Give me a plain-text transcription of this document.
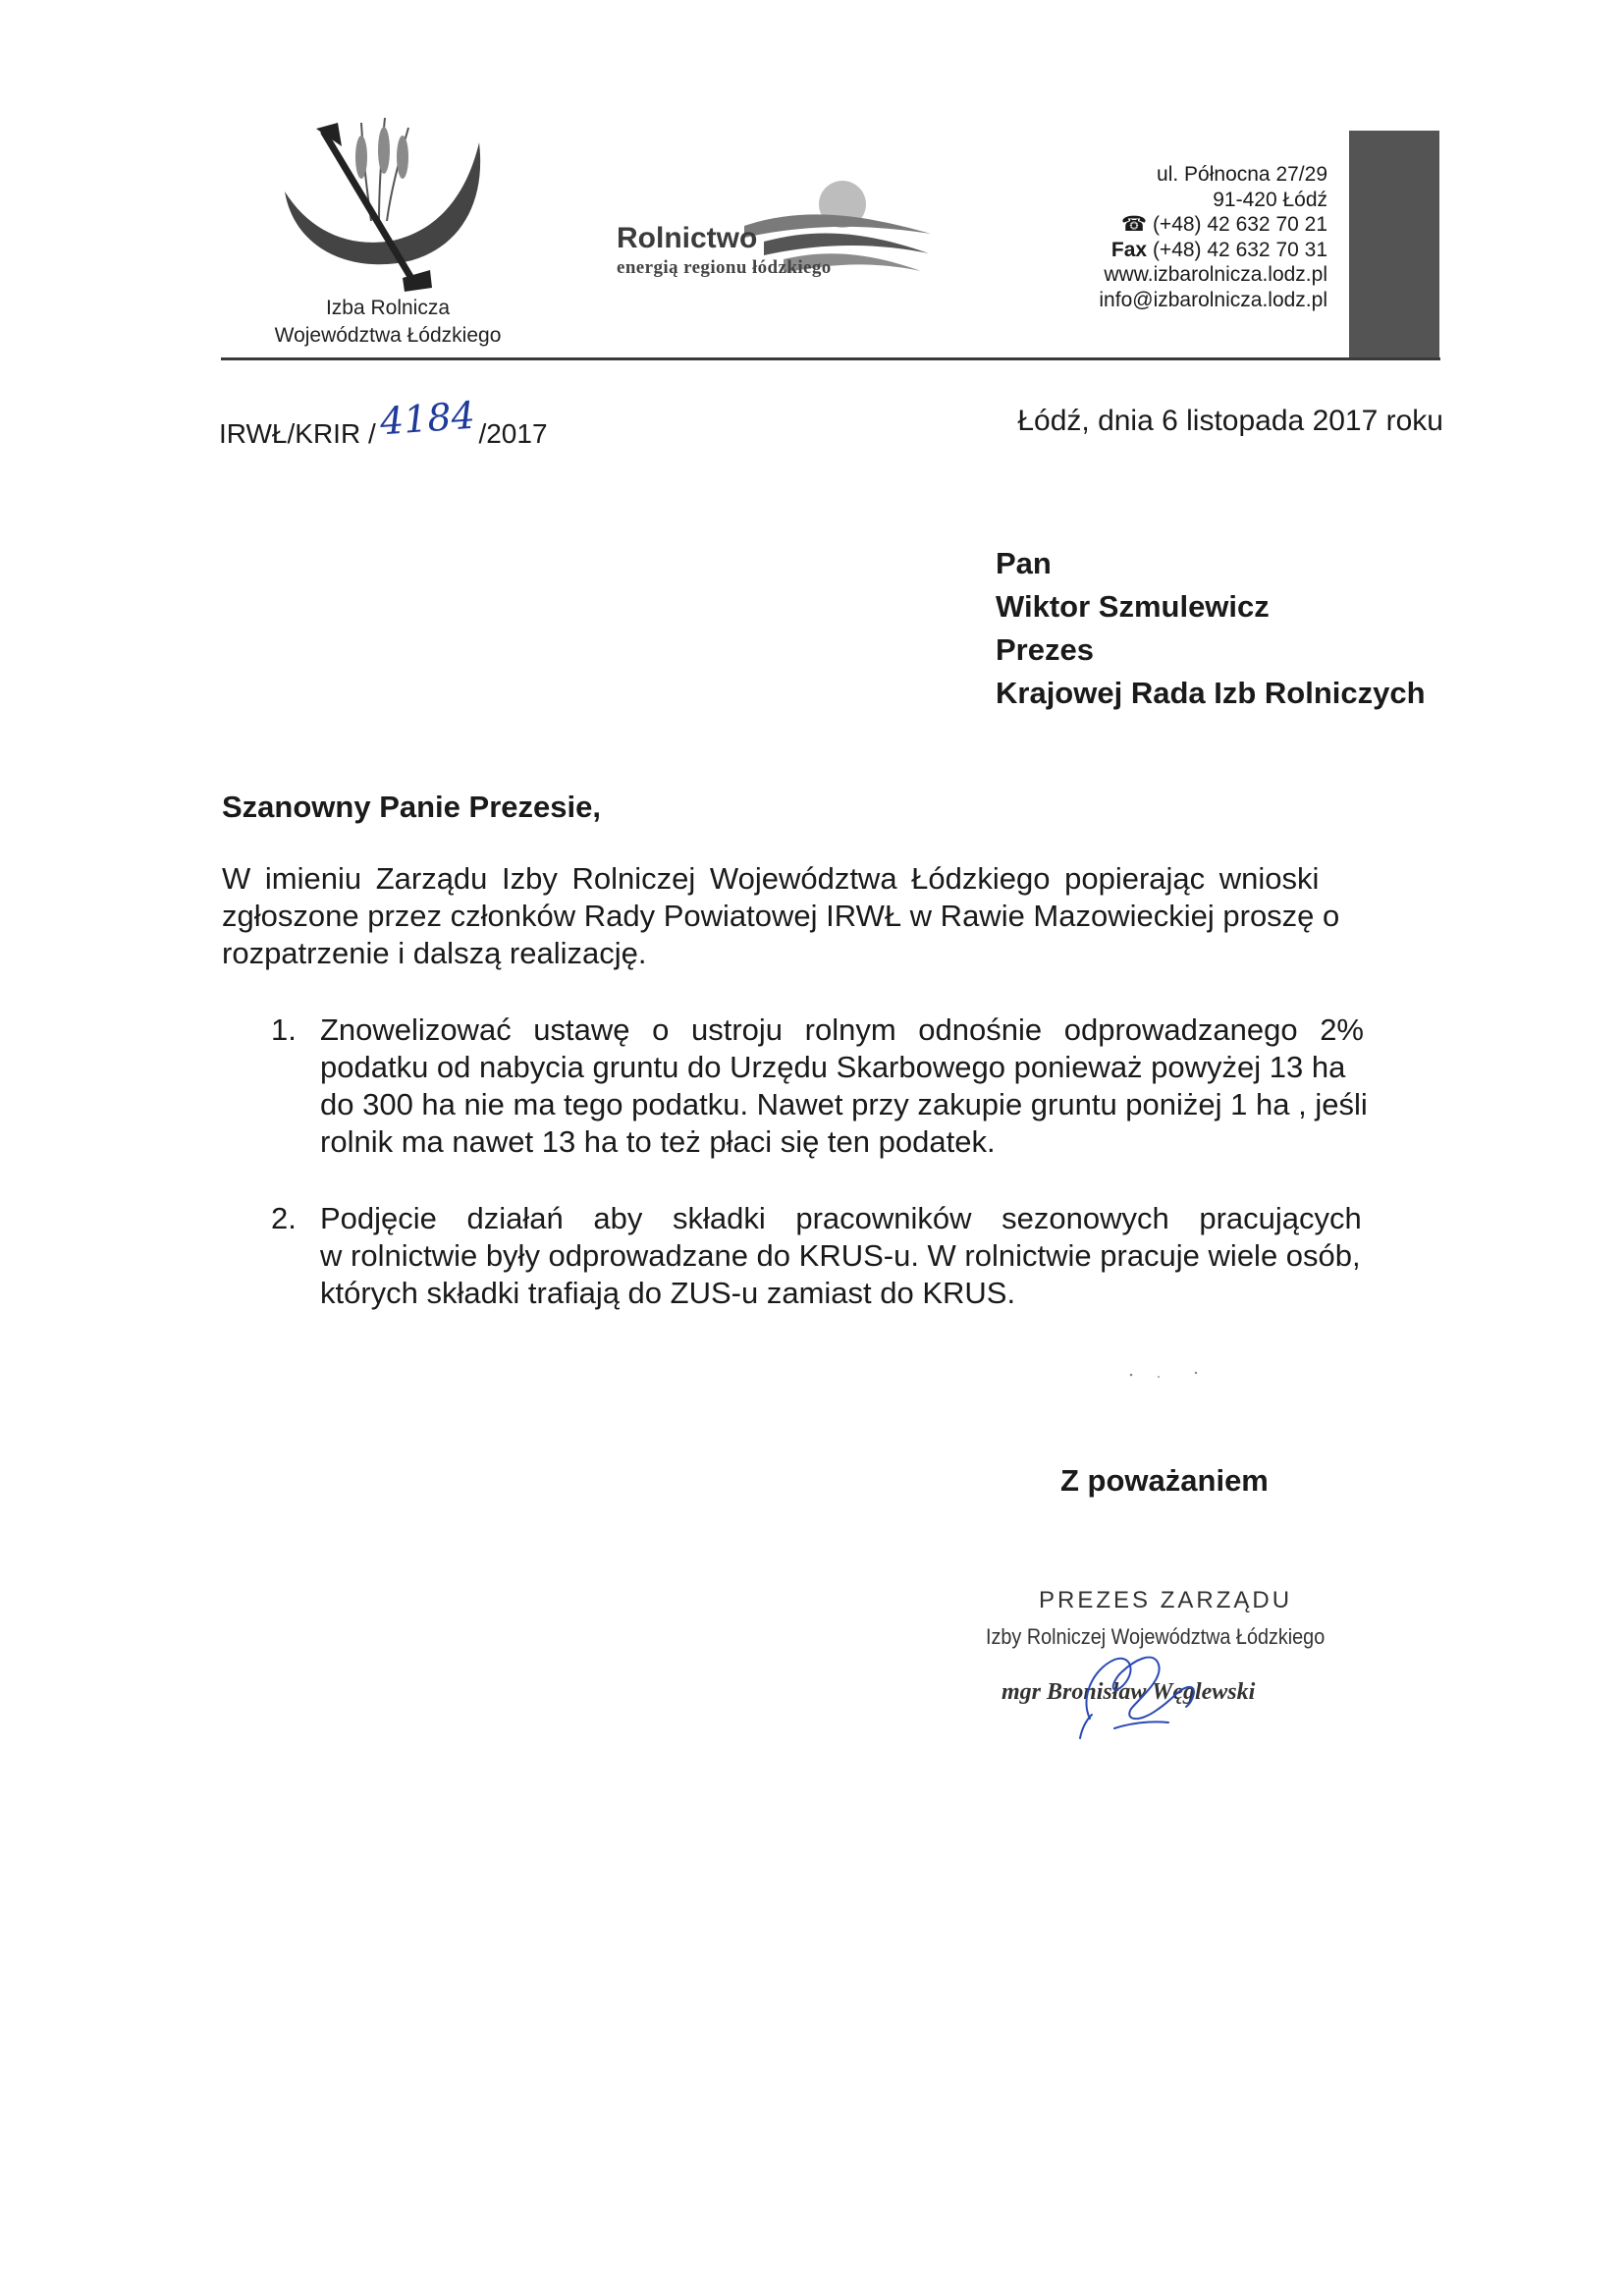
Izba Rolnicza
Województwa Łódzkiego
Rolnictwo
energią regionu łódzkiego
ul. Północna 27/29
91-420 Łódź
☎ (+48) 42 632 70 21
Fax (+48) 42 632 70 31
www.izbarolnicza.lodz.pl
info@izbarolnicza.lodz.pl
IRWŁ/KRIR /4184/2017	Łódź, dnia 6 listopada 2017 roku
Pan
Wiktor Szmulewicz
Prezes
Krajowej Rada Izb Rolniczych
Szanowny Panie Prezesie,
W imieniu Zarządu Izby Rolniczej Województwa Łódzkiego popierając wnioski
zgłoszone przez członków Rady Powiatowej IRWŁ w Rawie Mazowieckiej proszę o
rozpatrzenie i dalszą realizację.
1. Znowelizować ustawę o ustroju rolnym odnośnie odprowadzanego 2%
podatku od nabycia gruntu do Urzędu Skarbowego ponieważ powyżej 13 ha
do 300 ha nie ma tego podatku. Nawet przy zakupie gruntu poniżej 1 ha , jeśli
rolnik ma nawet 13 ha to też płaci się ten podatek.
2. Podjęcie działań aby składki pracowników sezonowych pracujących
w rolnictwie były odprowadzane do KRUS-u. W rolnictwie pracuje wiele osób,
których składki trafiają do ZUS-u zamiast do KRUS.
Z poważaniem
PREZES ZARZĄDU
Izby Rolniczej Województwa Łódzkiego
mgr Bronisław Węglewski
